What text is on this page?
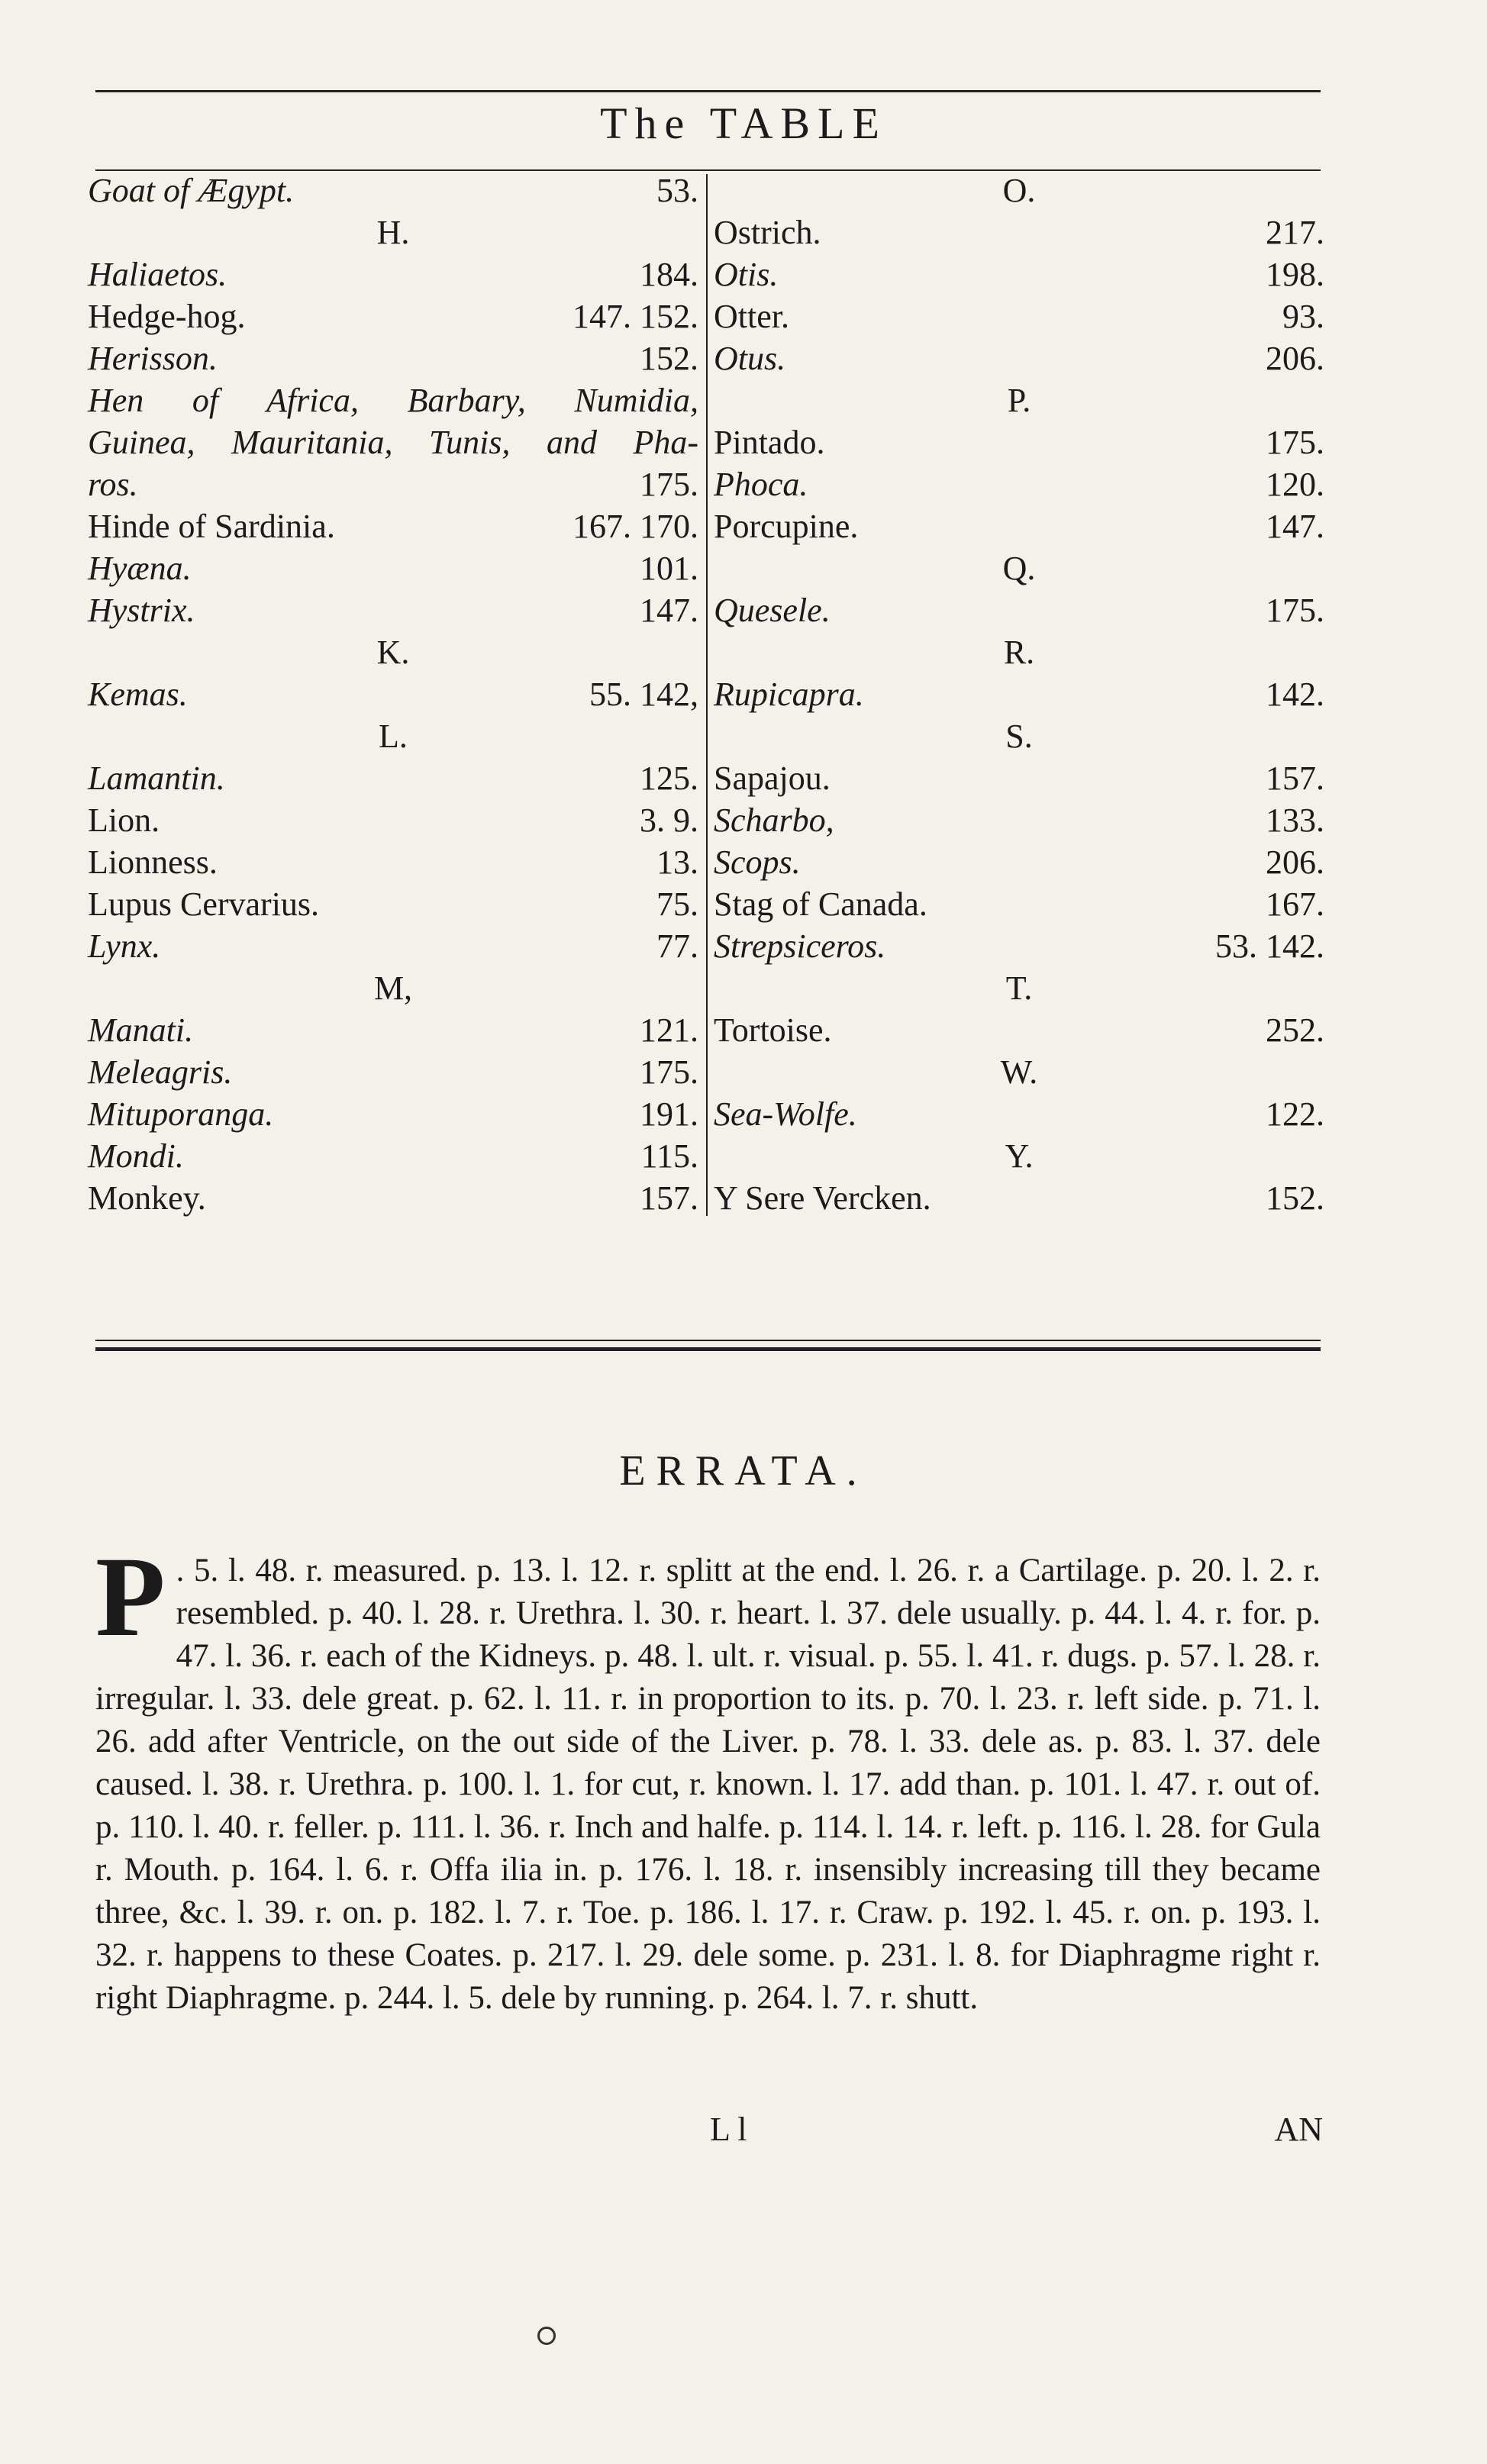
The TABLE
Goat of Ægypt.	53.
H.
Haliaetos.	184.
Hedge-hog.	147. 152.
Herisson.	152.
Hen of Africa, Barbary, Numidia,
Guinea, Mauritania, Tunis, and Pha-
ros.	175.
Hinde of Sardinia.	167. 170.
Hyæna.	101.
Hystrix.	147.
K.
Kemas.	55. 142,
L.
Lamantin.	125.
Lion.	3. 9.
Lionness.	13.
Lupus Cervarius.	75.
Lynx.	77.
M,
Manati.	121.
Meleagris.	175.
Mituporanga.	191.
Mondi.	115.
Monkey.	157.
O.
Ostrich.	217.
Otis.	198.
Otter.	93.
Otus.	206.
P.
Pintado.	175.
Phoca.	120.
Porcupine.	147.
Q.
Quesele.	175.
R.
Rupicapra.	142.
S.
Sapajou.	157.
Scharbo,	133.
Scops.	206.
Stag of Canada.	167.
Strepsiceros.	53. 142.
T.
Tortoise.	252.
W.
Sea-Wolfe.	122.
Y.
Y Sere Vercken.	152.
ERRATA.
P . 5. l. 48. r. measured. p. 13. l. 12. r. splitt at the end. l. 26. r. a Cartilage. p. 20. l. 2. r. resembled. p. 40. l. 28. r. Urethra. l. 30. r. heart. l. 37. dele usually. p. 44. l. 4. r. for. p. 47. l. 36. r. each of the Kidneys. p. 48. l. ult. r. visual. p. 55. l. 41. r. dugs. p. 57. l. 28. r. irregular. l. 33. dele great. p. 62. l. 11. r. in proportion to its. p. 70. l. 23. r. left side. p. 71. l. 26. add after Ventricle, on the out side of the Liver. p. 78. l. 33. dele as. p. 83. l. 37. dele caused. l. 38. r. Urethra. p. 100. l. 1. for cut, r. known. l. 17. add than. p. 101. l. 47. r. out of. p. 110. l. 40. r. feller. p. 111. l. 36. r. Inch and halfe. p. 114. l. 14. r. left. p. 116. l. 28. for Gula r. Mouth. p. 164. l. 6. r. Offa ilia in. p. 176. l. 18. r. insensibly increasing till they became three, &c. l. 39. r. on. p. 182. l. 7. r. Toe. p. 186. l. 17. r. Craw. p. 192. l. 45. r. on. p. 193. l. 32. r. happens to these Coates. p. 217. l. 29. dele some. p. 231. l. 8. for Diaphragme right r. right Diaphragme. p. 244. l. 5. dele by running. p. 264. l. 7. r. shutt.
L l	AN
